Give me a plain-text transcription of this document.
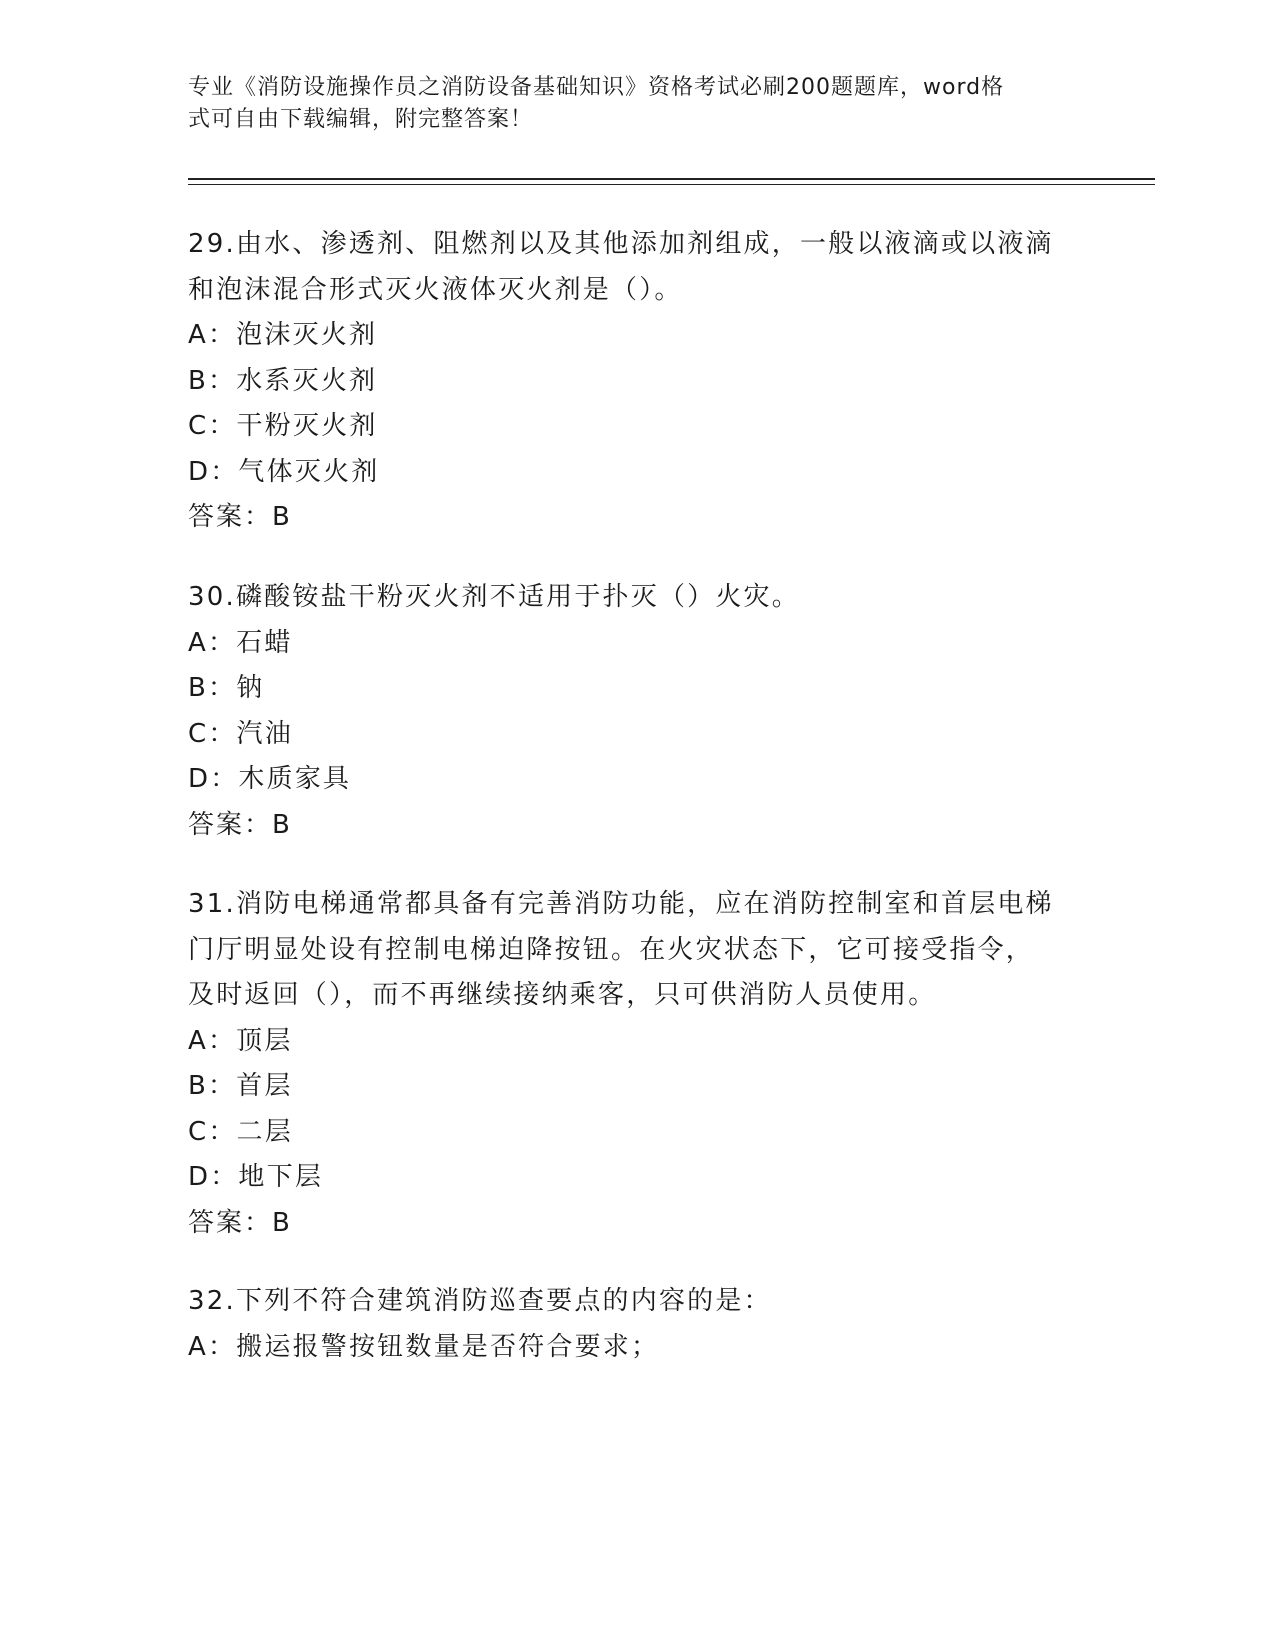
专业《消防设施操作员之消防设备基础知识》资格考试必刷200题题库，word格
式可自由下载编辑，附完整答案！
29.由水、渗透剂、阻燃剂以及其他添加剂组成，一般以液滴或以液滴
和泡沫混合形式灭火液体灭火剂是（）。
A：泡沫灭火剂
B：水系灭火剂
C：干粉灭火剂
D：气体灭火剂
答案：B
30.磷酸铵盐干粉灭火剂不适用于扑灭（）火灾。
A：石蜡
B：钠
C：汽油
D：木质家具
答案：B
31.消防电梯通常都具备有完善消防功能，应在消防控制室和首层电梯
门厅明显处设有控制电梯迫降按钮。在火灾状态下，它可接受指令，
及时返回（），而不再继续接纳乘客，只可供消防人员使用。
A：顶层
B：首层
C：二层
D：地下层
答案：B
32.下列不符合建筑消防巡查要点的内容的是：
A：搬运报警按钮数量是否符合要求；
